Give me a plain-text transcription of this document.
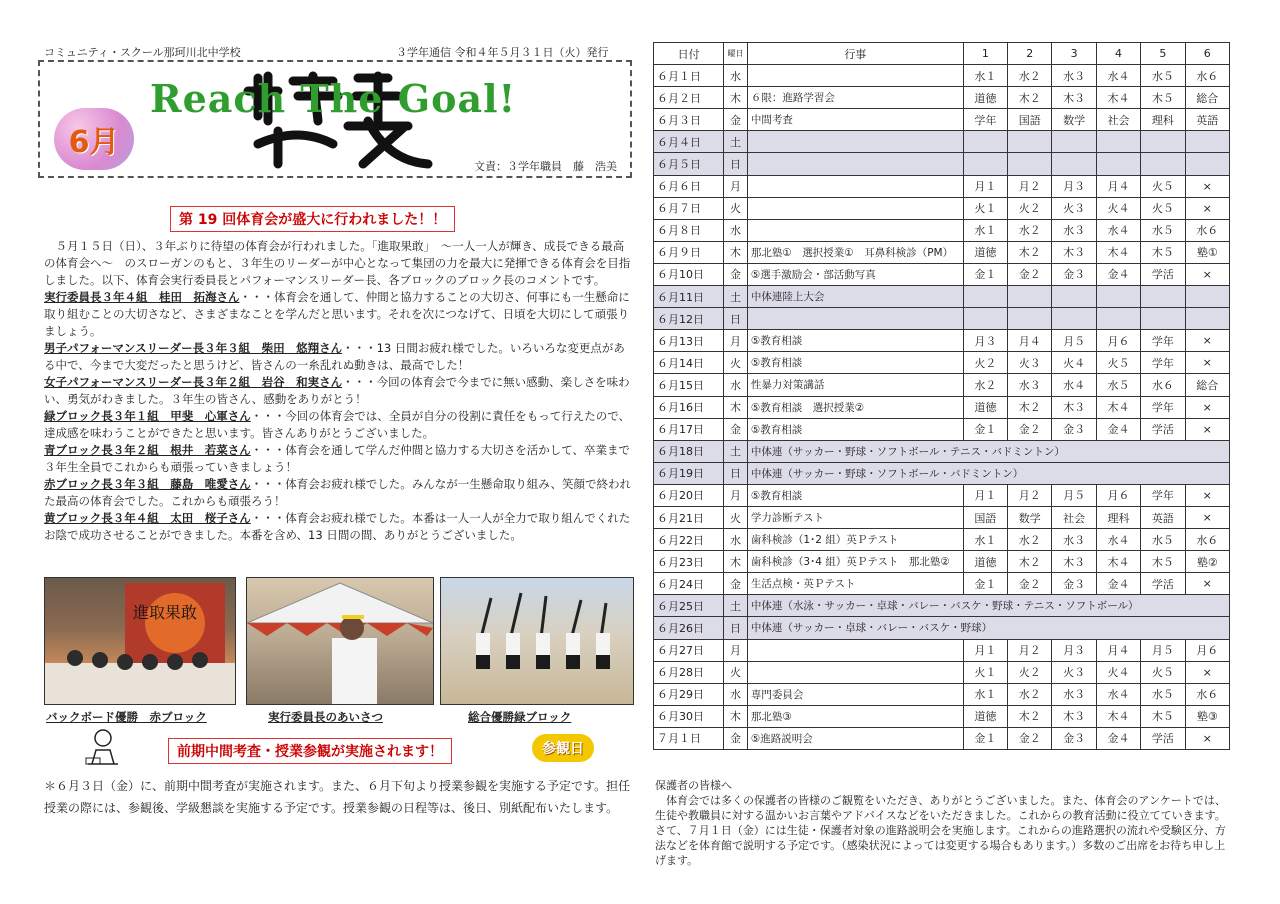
コミュニティ・スクール那珂川北中学校	３学年通信 令和４年５月３１日（火）発行
6月
Reach The Goal!
文責：３学年職員　藤　浩美
第 19 回体育会が盛大に行われました！！

　５月１５日（日）、３年ぶりに待望の体育会が行われました。「進取果敢」　～一人一人が輝き、成長できる最高の体育会へ～　のスローガンのもと、３年生のリーダーが中心となって集団の力を最大に発揮できる体育会を目指しました。以下、体育会実行委員長とパフォーマンスリーダー長、各ブロックのブロック長のコメントです。

実行委員長３年４組　桂田　拓海さん・・・体育会を通して、仲間と協力することの大切さ、何事にも一生懸命に取り組むことの大切さなど、さまざまなことを学んだと思います。それを次につなげて、日頃を大切にして頑張りましょう。

男子パフォーマンスリーダー長３年３組　柴田　悠翔さん・・・13 日間お疲れ様でした。いろいろな変更点がある中で、今まで大変だったと思うけど、皆さんの一糸乱れぬ動きは、最高でした！

女子パフォーマンスリーダー長３年２組　岩谷　和実さん・・・今回の体育会で今までに無い感動、楽しさを味わい、勇気がわきました。３年生の皆さん、感動をありがとう！

緑ブロック長３年１組　甲斐　心軍さん・・・今回の体育会では、全員が自分の役割に責任をもって行えたので、達成感を味わうことができたと思います。皆さんありがとうございました。

青ブロック長３年２組　根井　若菜さん・・・体育会を通して学んだ仲間と協力する大切さを活かして、卒業まで３年生全員でこれからも頑張っていきましょう！

赤ブロック長３年３組　藤島　唯愛さん・・・体育会お疲れ様でした。みんなが一生懸命取り組み、笑顔で終われた最高の体育会でした。これからも頑張ろう！

黄ブロック長３年４組　太田　桜子さん・・・体育会お疲れ様でした。本番は一人一人が全力で取り組んでくれたお陰で成功させることができました。本番を含め、13 日間の間、ありがとうございました。

進取果敢
バックボード優勝　赤ブロック	実行委員長のあいさつ	総合優勝緑ブロック
前期中間考査・授業参観が実施されます！	参観日
＊６月３日（金）に、前期中間考査が実施されます。また、６月下旬より授業参観を実施する予定です。担任授業の際には、参観後、学級懇談を実施する予定です。授業参観の日程等は、後日、別紙配布いたします。
日付	曜日	行事	1	2	3	4	5	6
６月１日	水		水１	水２	水３	水４	水５	水６
６月２日	木	６限：進路学習会	道徳	木２	木３	木４	木５	総合
６月３日	金	中間考査	学年	国語	数学	社会	理科	英語
６月４日	土							
６月５日	日							
６月６日	月		月１	月２	月３	月４	火５	×
６月７日	火		火１	火２	火３	火４	火５	×
６月８日	水		水１	水２	水３	水４	水５	水６
６月９日	木	那北塾①　選択授業①　耳鼻科検診（PM）	道徳	木２	木３	木４	木５	塾①
６月10日	金	⑤選手激励会・部活動写真	金１	金２	金３	金４	学活	×
６月11日	土	中体連陸上大会						
６月12日	日							
６月13日	月	⑤教育相談	月３	月４	月５	月６	学年	×
６月14日	火	⑤教育相談	火２	火３	火４	火５	学年	×
６月15日	水	性暴力対策講話	水２	水３	水４	水５	水６	総合
６月16日	木	⑤教育相談　選択授業②	道徳	木２	木３	木４	学年	×
６月17日	金	⑤教育相談	金１	金２	金３	金４	学活	×
６月18日	土	中体連（サッカー・野球・ソフトボール・テニス・バドミントン）						
６月19日	日	中体連（サッカー・野球・ソフトボール・バドミントン）						
６月20日	月	⑤教育相談	月１	月２	月５	月６	学年	×
６月21日	火	学力診断テスト	国語	数学	社会	理科	英語	×
６月22日	水	歯科検診（1･2 組）英Ｐテスト	水１	水２	水３	水４	水５	水６
６月23日	木	歯科検診（3･4 組）英Ｐテスト　那北塾②	道徳	木２	木３	木４	木５	塾②
６月24日	金	生活点検・英Ｐテスト	金１	金２	金３	金４	学活	×
６月25日	土	中体連（水泳・サッカー・卓球・バレー・バスケ・野球・テニス・ソフトボール）						
６月26日	日	中体連（サッカー・卓球・バレー・バスケ・野球）						
６月27日	月		月１	月２	月３	月４	月５	月６
６月28日	火		火１	火２	火３	火４	火５	×
６月29日	水	専門委員会	水１	水２	水３	水４	水５	水６
６月30日	木	那北塾③	道徳	木２	木３	木４	木５	塾③
７月１日	金	⑤進路説明会	金１	金２	金３	金４	学活	×
保護者の皆様へ
　体育会では多くの保護者の皆様のご観覧をいただき、ありがとうございました。また、体育会のアンケートでは、生徒や教職員に対する温かいお言葉やアドバイスなどをいただきました。これからの教育活動に役立てていきます。さて、７月１日（金）には生徒・保護者対象の進路説明会を実施します。これからの進路選択の流れや受験区分、方法などを体育館で説明する予定です。（感染状況によっては変更する場合もあります。）多数のご出席をお待ち申し上げます。
